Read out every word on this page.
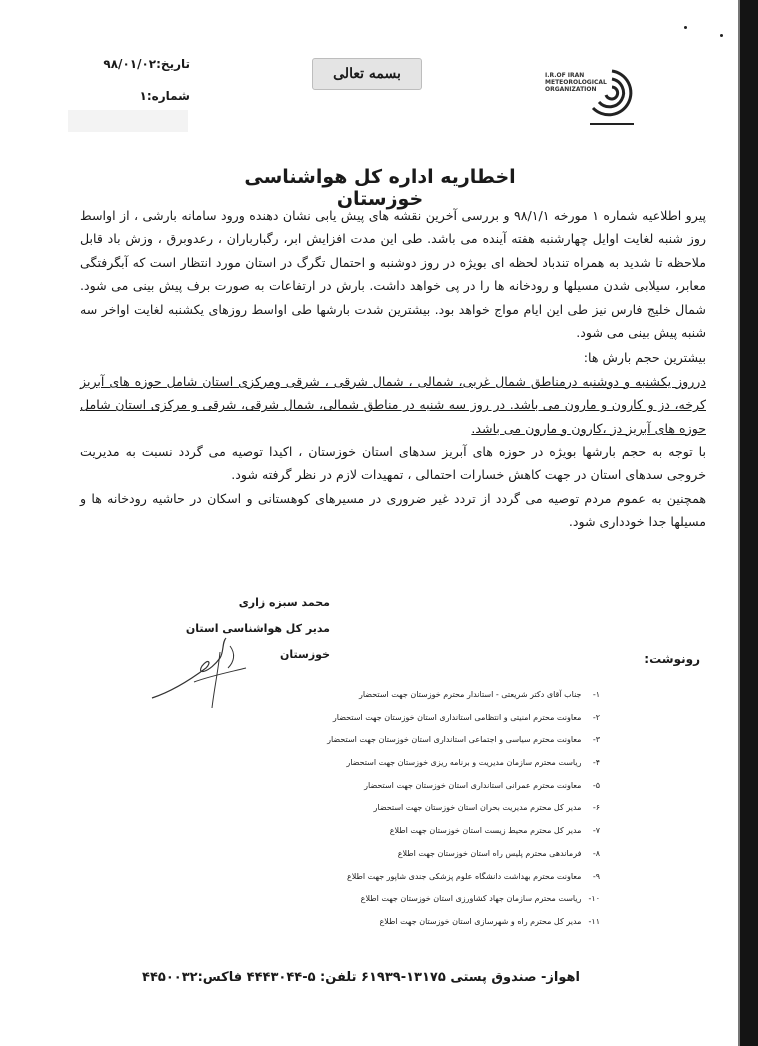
تاریخ:۹۸/۰۱/۰۲
شماره:۱
بسمه تعالی	I.R.OF IRAN METEOROLOGICAL ORGANIZATION
اخطاریه اداره کل هواشناسی خوزستان

پیرو اطلاعیه شماره ۱ مورخه ۹۸/۱/۱ و بررسی آخرین نقشه های پیش یابی نشان دهنده ورود سامانه بارشی ، از اواسط روز شنبه لغایت اوایل چهارشنبه هفته آینده می باشد. طی این مدت افزایش ابر، رگبارباران ، رعدوبرق ، وزش باد قابل ملاحظه تا شدید به همراه تندباد لحظه ای بویژه در روز دوشنبه و احتمال تگرگ در استان مورد انتظار است که آبگرفتگی معابر، سیلابی شدن مسیلها و رودخانه ها را در پی خواهد داشت. بارش در ارتفاعات به صورت برف پیش بینی می شود. شمال خلیج فارس نیز طی این ایام مواج خواهد بود. بیشترین شدت بارشها طی اواسط روزهای یکشنبه لغایت اواخر سه شنبه پیش بینی می شود.

بیشترین حجم بارش ها:

درروز یکشنبه و دوشنبه درمناطق شمال غربی، شمالی ، شمال شرقی ، شرقی ومرکزی استان شامل حوزه های آبریز کرخه، دز و کارون و مارون می باشد. در روز سه شنبه در مناطق شمالی، شمال شرقی، شرقی و مرکزی استان شامل حوزه های آبریز دز ،کارون و مارون می باشد.

با توجه به حجم بارشها بویژه در حوزه های آبریز سدهای استان خوزستان ، اکیدا توصیه می گردد نسبت به مدیریت خروجی سدهای استان در جهت کاهش خسارات احتمالی ، تمهیدات لازم در نظر گرفته شود.

همچنین به عموم مردم توصیه می گردد از تردد غیر ضروری در مسیرهای کوهستانی و اسکان در حاشیه رودخانه ها و مسیلها جدا خودداری شود.

محمد سبزه زاری
مدیر کل هواشناسی استان خوزستان	رونوشت:
۱- جناب آقای دکتر شریعتی - استاندار محترم خوزستان جهت استحضار
۲- معاونت محترم امنیتی و انتظامی استانداری استان خوزستان جهت استحضار
۳- معاونت محترم سیاسی و اجتماعی استانداری استان خوزستان جهت استحضار
۴- ریاست محترم سازمان مدیریت و برنامه ریزی خوزستان جهت استحضار
۵- معاونت محترم عمرانی استانداری استان خوزستان جهت استحضار
۶- مدیر کل محترم مدیریت بحران استان خوزستان جهت استحضار
۷- مدیر کل محترم محیط زیست استان خوزستان جهت اطلاع
۸- فرماندهی محترم پلیس راه استان خوزستان جهت اطلاع
۹- معاونت محترم بهداشت دانشگاه علوم پزشکی جندی شاپور جهت اطلاع
۱۰- ریاست محترم سازمان جهاد کشاورزی استان خوزستان جهت اطلاع
۱۱- مدیر کل محترم راه و شهرسازی استان خوزستان جهت اطلاع
اهواز- صندوق پستی ۱۳۱۷۵-۶۱۹۳۹ تلفن: ۵-۴۴۴۳۰۴۴ فاکس:۴۴۵۰۰۳۲
